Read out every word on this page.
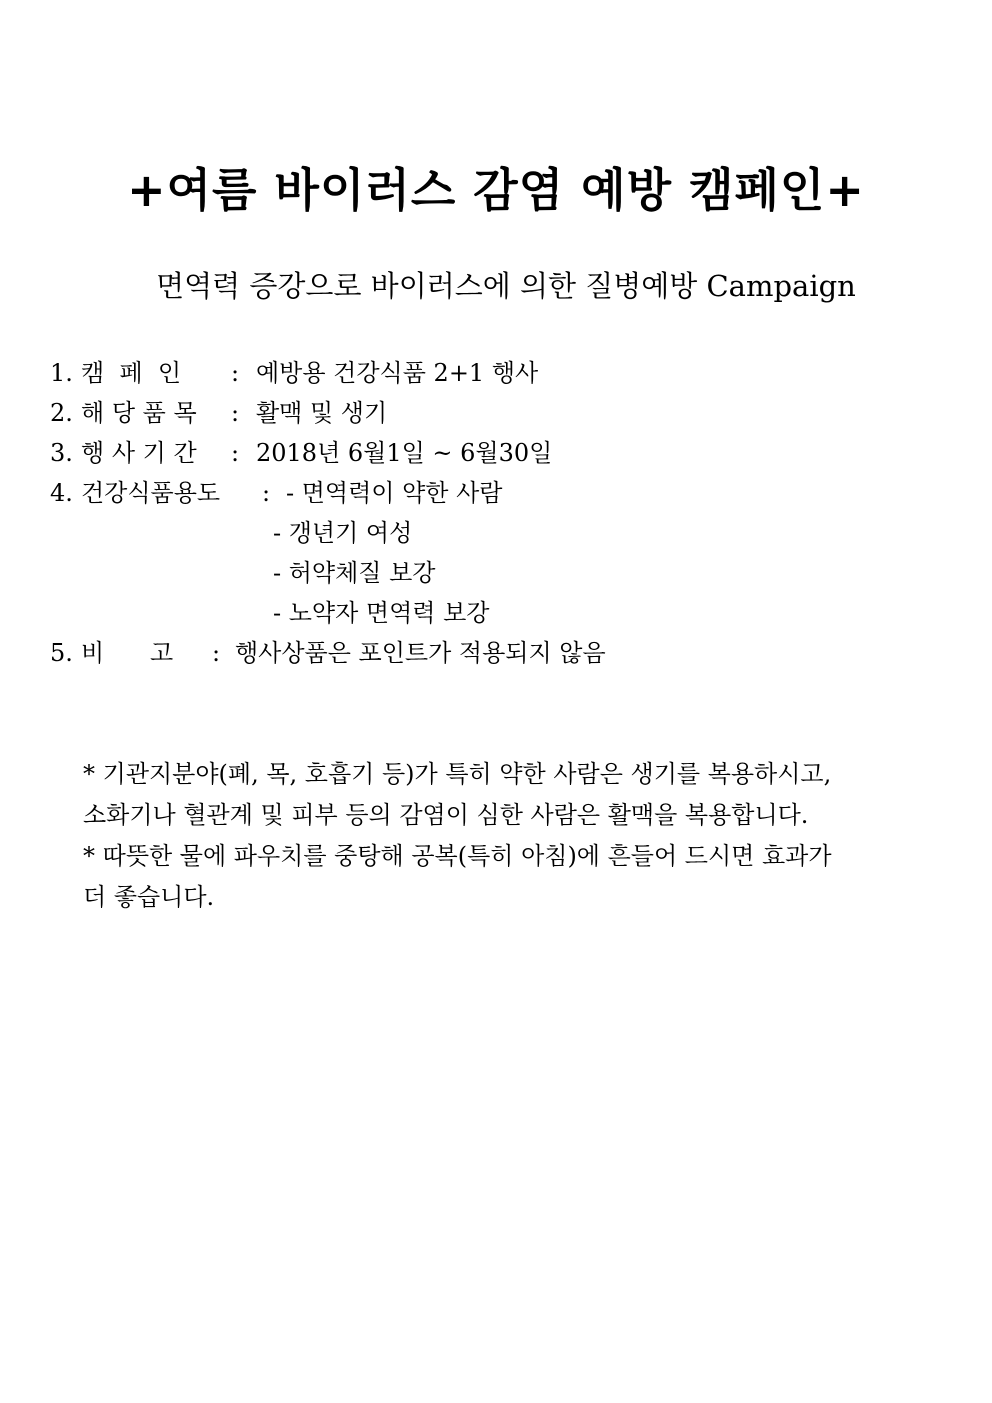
+여름 바이러스 감염 예방 캠페인+
면역력 증강으로 바이러스에 의한 질병예방 Campaign
1. 캠  페  인 : 예방용 건강식품 2+1 행사
2. 해 당 품 목 : 활맥 및 생기
3. 행 사 기 간 : 2018년 6월1일 ~ 6월30일
4. 건강식품용도 : - 면역력이 약한 사람
- 갱년기 여성
- 허약체질 보강
- 노약자 면역력 보강
5. 비      고 : 행사상품은 포인트가 적용되지 않음
* 기관지분야(폐, 목, 호흡기 등)가 특히 약한 사람은 생기를 복용하시고,
소화기나 혈관계 및 피부 등의 감염이 심한 사람은 활맥을 복용합니다.
* 따뜻한 물에 파우치를 중탕해 공복(특히 아침)에 흔들어 드시면 효과가
더 좋습니다.
